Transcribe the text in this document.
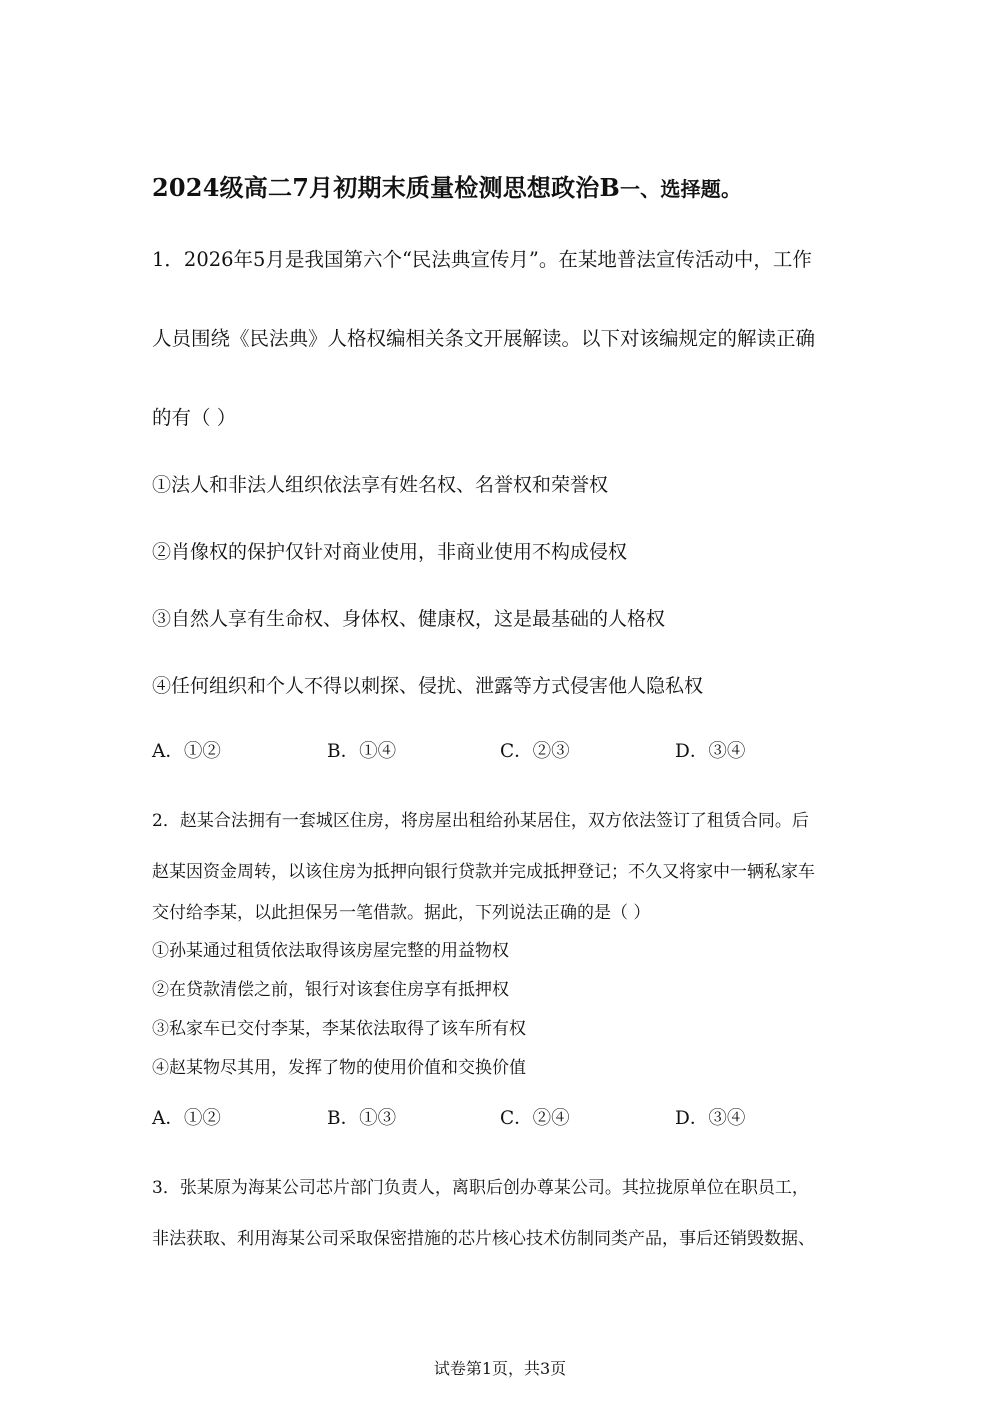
2024级高二7月初期末质量检测思想政治B一、选择题。
1．2026年5月是我国第六个“民法典宣传月”。在某地普法宣传活动中，工作
人员围绕《民法典》人格权编相关条文开展解读。以下对该编规定的解读正确
的有（ ）
①法人和非法人组织依法享有姓名权、名誉权和荣誉权
②肖像权的保护仅针对商业使用，非商业使用不构成侵权
③自然人享有生命权、身体权、健康权，这是最基础的人格权
④任何组织和个人不得以刺探、侵扰、泄露等方式侵害他人隐私权
A．①②	B．①④	C．②③	D．③④
2．赵某合法拥有一套城区住房，将房屋出租给孙某居住，双方依法签订了租赁合同。后
赵某因资金周转，以该住房为抵押向银行贷款并完成抵押登记；不久又将家中一辆私家车
交付给李某，以此担保另一笔借款。据此，下列说法正确的是（ ）
①孙某通过租赁依法取得该房屋完整的用益物权
②在贷款清偿之前，银行对该套住房享有抵押权
③私家车已交付李某，李某依法取得了该车所有权
④赵某物尽其用，发挥了物的使用价值和交换价值
A．①②	B．①③	C．②④	D．③④
3．张某原为海某公司芯片部门负责人，离职后创办尊某公司。其拉拢原单位在职员工，
非法获取、利用海某公司采取保密措施的芯片核心技术仿制同类产品，事后还销毁数据、
试卷第1页，共3页
